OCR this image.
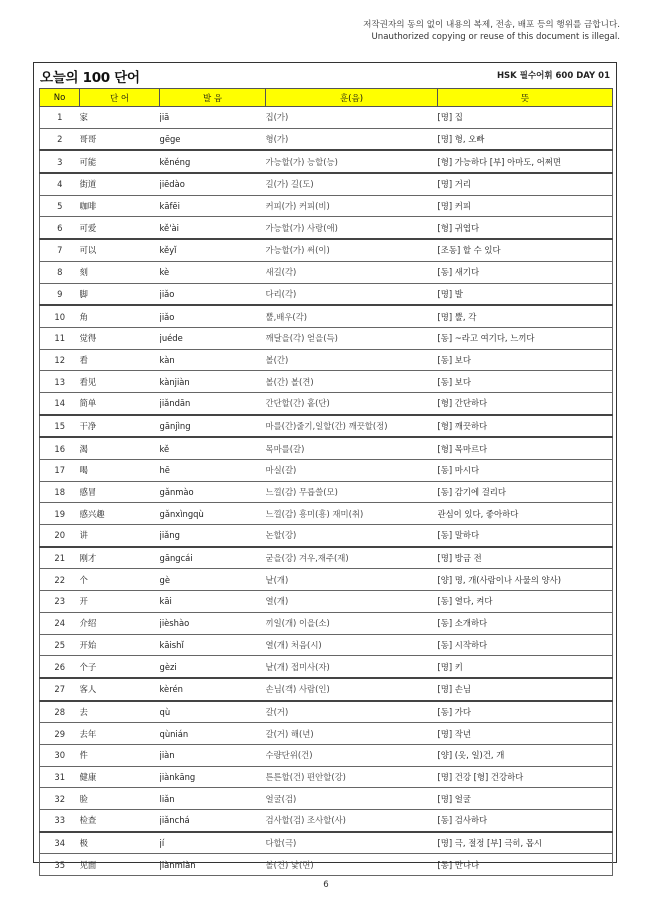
저작권자의 동의 없이 내용의 복제, 전송, 배포 등의 행위를 금합니다.
Unauthorized copying or reuse of this document is illegal.
오늘의 100 단어	HSK 필수어휘 600 DAY 01
No	단 어	발 음	훈(음)	뜻
1	家	jiā	집(가)	[명] 집
2	哥哥	gēge	형(가)	[명] 형, 오빠
3	可能	kěnéng	가능할(가) 능할(능)	[형] 가능하다 [부] 아마도, 어쩌면
4	街道	jiēdào	길(가) 길(도)	[명] 거리
5	咖啡	kāfēi	커피(가) 커피(비)	[명] 커피
6	可爱	kě'ài	가능할(가) 사랑(애)	[형] 귀엽다
7	可以	kěyǐ	가능할(가) 써(이)	[조동] 할 수 있다
8	刻	kè	새길(각)	[동] 새기다
9	脚	jiǎo	다리(각)	[명] 발
10	角	jiǎo	뿔,배우(각)	[명] 뿔, 각
11	觉得	juéde	깨달을(각) 얻을(득)	[동] ~라고 여기다, 느끼다
12	看	kàn	볼(간)	[동] 보다
13	看见	kànjiàn	볼(간) 볼(견)	[동] 보다
14	简单	jiǎndān	간단할(간) 홑(단)	[형] 간단하다
15	干净	gānjìng	마를(간)줄기,일할(간) 깨끗할(정)	[형] 깨끗하다
16	渴	kě	목마를(갈)	[형] 목마르다
17	喝	hē	마실(갈)	[동] 마시다
18	感冒	gǎnmào	느낄(감) 무릅쓸(모)	[동] 감기에 걸리다
19	感兴趣	gǎnxìngqù	느낄(감) 흥미(흥) 재미(취)	관심이 있다, 좋아하다
20	讲	jiǎng	논할(강)	[동] 말하다
21	刚才	gāngcái	굳을(강) 겨우,재주(재)	[명] 방금 전
22	个	gè	낱(개)	[양] 명, 개(사람이나 사물의 양사)
23	开	kāi	열(개)	[동] 열다, 켜다
24	介绍	jièshào	끼일(개) 이을(소)	[동] 소개하다
25	开始	kāishǐ	열(개) 처음(시)	[동] 시작하다
26	个子	gèzi	낱(개) 접미사(자)	[명] 키
27	客人	kèrén	손님(객) 사람(인)	[명] 손님
28	去	qù	갈(거)	[동] 가다
29	去年	qùnián	갈(거) 해(년)	[명] 작년
30	件	jiàn	수량단위(건)	[양] (옷, 일)건, 개
31	健康	jiànkāng	튼튼할(건) 편안할(강)	[명] 건강 [형] 건강하다
32	脸	liǎn	얼굴(검)	[명] 얼굴
33	检查	jiǎnchá	검사할(검) 조사할(사)	[동] 검사하다
34	极	jí	다할(극)	[명] 극, 절정 [부] 극히, 몹시
35	见面	jiànmiàn	볼(견) 낯(면)	[동] 만나다
6
